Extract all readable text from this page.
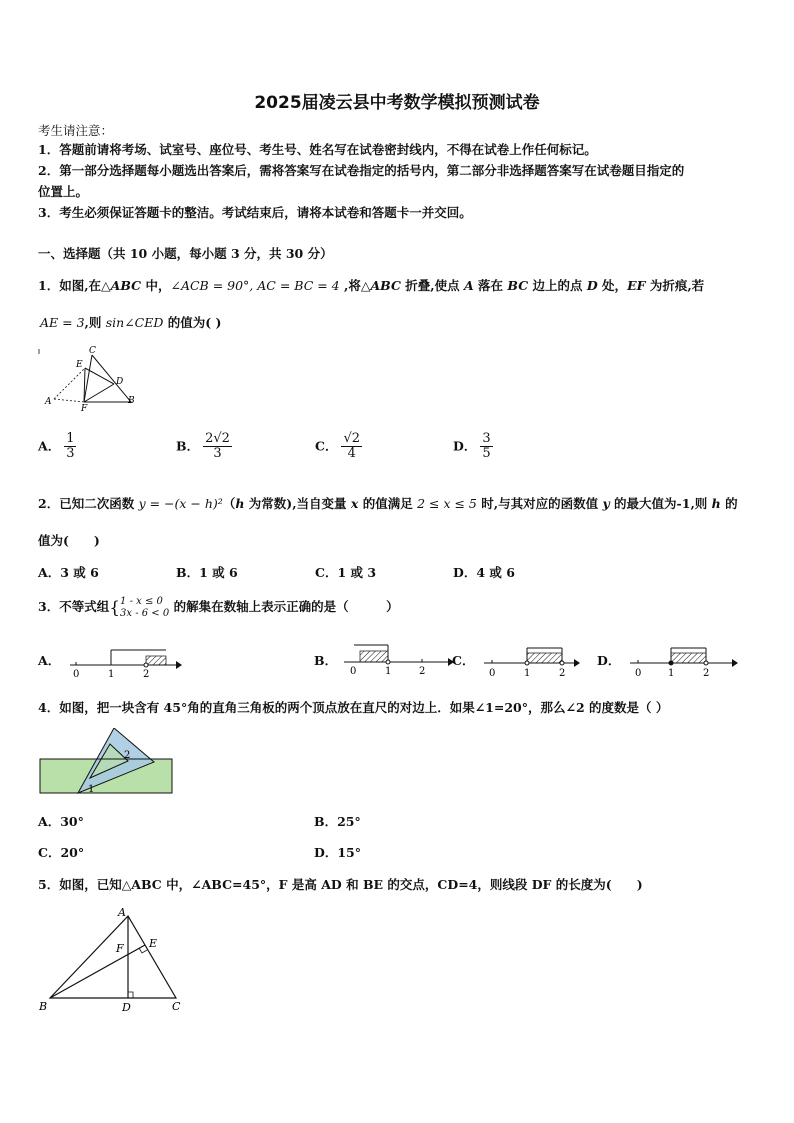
2025届凌云县中考数学模拟预测试卷
考生请注意：
1．答题前请将考场、试室号、座位号、考生号、姓名写在试卷密封线内，不得在试卷上作任何标记。
2．第一部分选择题每小题选出答案后，需将答案写在试卷指定的括号内，第二部分非选择题答案写在试卷题目指定的
位置上。
3．考生必须保证答题卡的整洁。考试结束后，请将本试卷和答题卡一并交回。
一、选择题（共 10 小题，每小题 3 分，共 30 分）
1．如图,在△ABC 中，∠ACB = 90°, AC = BC = 4 ,将△ABC 折叠,使点 A 落在 BC 边上的点 D 处，EF 为折痕,若
AE = 3,则 sin∠CED 的值为( )
C
E
D
A
F
B
A． $\frac{1}{3}$	B． $\frac{2√2}{3}$	C． $\frac{√2}{4}$	D． $\frac{3}{5}$
2．已知二次函数 y = −(x − h)²（h 为常数),当自变量 x 的值满足 2 ≤ x ≤ 5 时,与其对应的函数值 y 的最大值为-1,则 h 的
值为(　　)
A．3 或 6	B．1 或 6	C．1 或 3	D．4 或 6
3．不等式组{ 1 - x ≤ 0
3x - 6 < 0 的解集在数轴上表示正确的是（　　　）
A．
0	1	2
B．
0	1	2
C．
0	1	2
D．
0	1	2
4．如图，把一块含有 45°角的直角三角板的两个顶点放在直尺的对边上．如果∠1=20°，那么∠2 的度数是（ ）
2
1
A．30°	B．25°
C．20°	D．15°
5．如图，已知△ABC 中，∠ABC=45°，F 是高 AD 和 BE 的交点，CD=4，则线段 DF 的长度为(　　)
A
F E
B	D	C
